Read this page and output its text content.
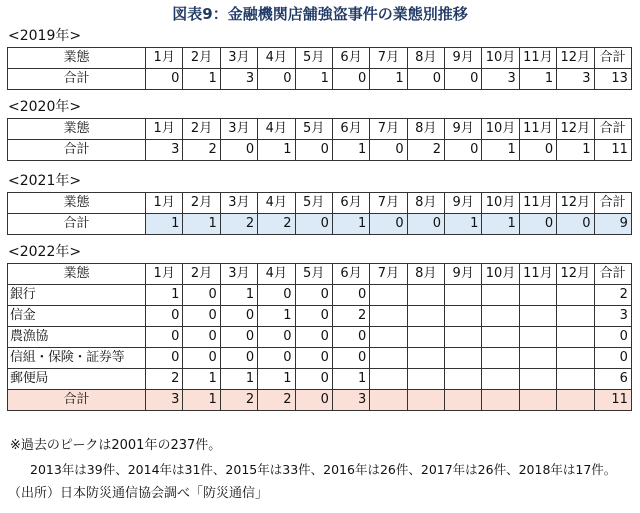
図表9：金融機関店舗強盗事件の業態別推移
<2019年>
業態	1月	2月	3月	4月	5月	6月	7月	8月	9月	10月	11月	12月	合計
合計	0	1	3	0	1	0	1	0	0	3	1	3	13
<2020年>
業態	1月	2月	3月	4月	5月	6月	7月	8月	9月	10月	11月	12月	合計
合計	3	2	0	1	0	1	0	2	0	1	0	1	11
<2021年>
業態	1月	2月	3月	4月	5月	6月	7月	8月	9月	10月	11月	12月	合計
合計	1	1	2	2	0	1	0	0	1	1	0	0	9
<2022年>
業態	1月	2月	3月	4月	5月	6月	7月	8月	9月	10月	11月	12月	合計
銀行	1	0	1	0	0	0							2
信金	0	0	0	1	0	2							3
農漁協	0	0	0	0	0	0							0
信組・保険・証券等	0	0	0	0	0	0							0
郵便局	2	1	1	1	0	1							6
合計	3	1	2	2	0	3							11
※過去のピークは2001年の237件。
2013年は39件、2014年は31件、2015年は33件、2016年は26件、2017年は26件、2018年は17件。
（出所）日本防災通信協会調べ「防災通信」
